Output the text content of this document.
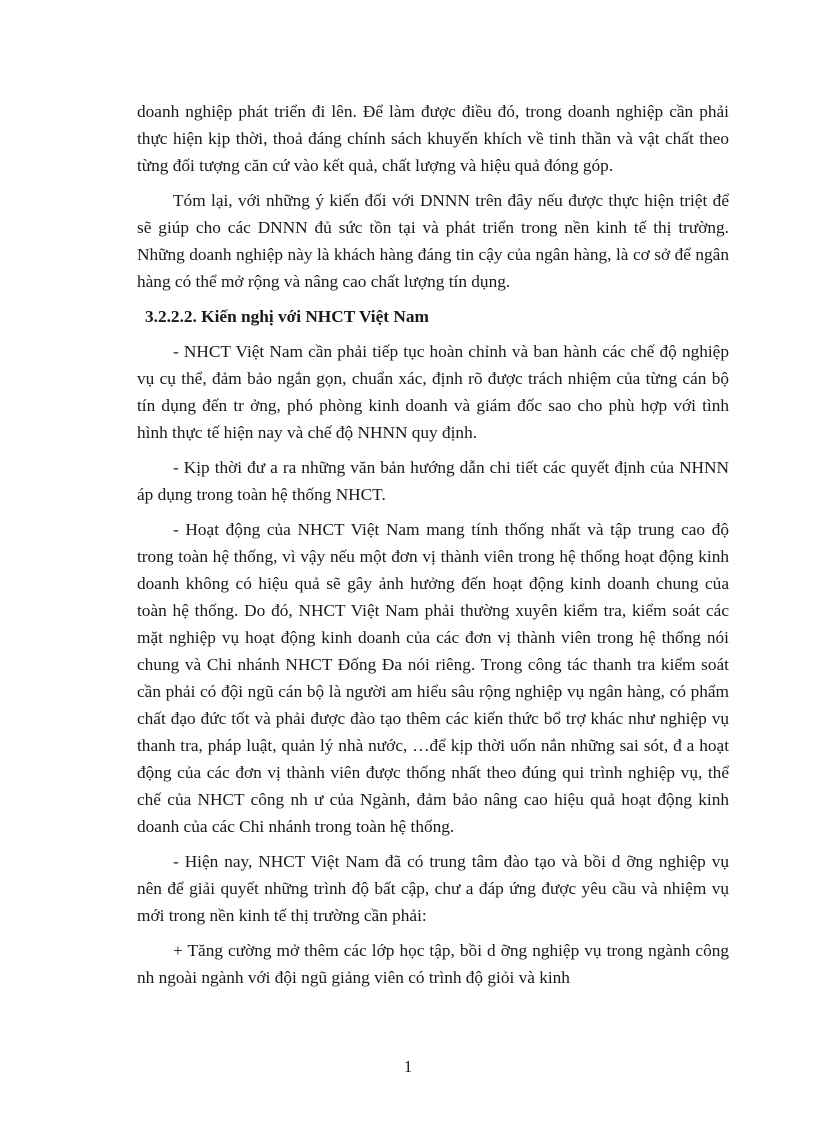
doanh nghiệp phát triển đi lên. Để làm được điều đó, trong doanh nghiệp cần phải thực hiện kịp thời, thoả đáng chính sách khuyến khích về tinh thần và vật chất theo từng đối tượng căn cứ vào kết quả, chất lượng và hiệu quả đóng góp.

Tóm lại, với những ý kiến đối với DNNN trên đây nếu được thực hiện triệt để sẽ giúp cho các DNNN đủ sức tồn tại và phát triển trong nền kinh tế thị trường. Những doanh nghiệp này là khách hàng đáng tin cậy của ngân hàng, là cơ sở để ngân hàng có thể mở rộng và nâng cao chất lượng tín dụng.

3.2.2.2. Kiến nghị với NHCT Việt Nam

- NHCT Việt Nam cần phải tiếp tục hoàn chỉnh và ban hành các chế độ nghiệp vụ cụ thể, đảm bảo ngắn gọn, chuẩn xác, định rõ được trách nhiệm của từng cán bộ tín dụng đến tr ởng, phó phòng kinh doanh và giám đốc sao cho phù hợp với tình hình thực tế hiện nay và chế độ NHNN quy định.

- Kịp thời đư a ra những văn bản hướng dẫn chi tiết các quyết định của NHNN áp dụng trong toàn hệ thống NHCT.

- Hoạt động của NHCT Việt Nam mang tính thống nhất và tập trung cao độ trong toàn hệ thống, vì vậy nếu một đơn vị thành viên trong hệ thống hoạt động kinh doanh không có hiệu quả sẽ gây ảnh hưởng đến hoạt động kinh doanh chung của toàn hệ thống. Do đó, NHCT Việt Nam phải thường xuyên kiểm tra, kiểm soát các mặt nghiệp vụ hoạt động kinh doanh của các đơn vị thành viên trong hệ thống nói chung và Chi nhánh NHCT Đống Đa nói riêng. Trong công tác thanh tra kiểm soát cần phải có đội ngũ cán bộ là người am hiểu sâu rộng nghiệp vụ ngân hàng, có phẩm chất đạo đức tốt và phải được đào tạo thêm các kiến thức bổ trợ khác như nghiệp vụ thanh tra, pháp luật, quản lý nhà nước, …để kịp thời uốn nắn những sai sót, đ a hoạt động của các đơn vị thành viên được thống nhất theo đúng qui trình nghiệp vụ, thể chế của NHCT công nh ư của Ngành, đảm bảo nâng cao hiệu quả hoạt động kinh doanh của các Chi nhánh trong toàn hệ thống.

- Hiện nay, NHCT Việt Nam đã có trung tâm đào tạo và bồi d ỡng nghiệp vụ nên để giải quyết những trình độ bất cập, chư a đáp ứng được yêu cầu và nhiệm vụ mới trong nền kinh tế thị trường cần phải:

+ Tăng cường mở thêm các lớp học tập, bồi d ỡng nghiệp vụ trong ngành công nh ngoài ngành với đội ngũ giảng viên có trình độ giỏi và kinh

1
